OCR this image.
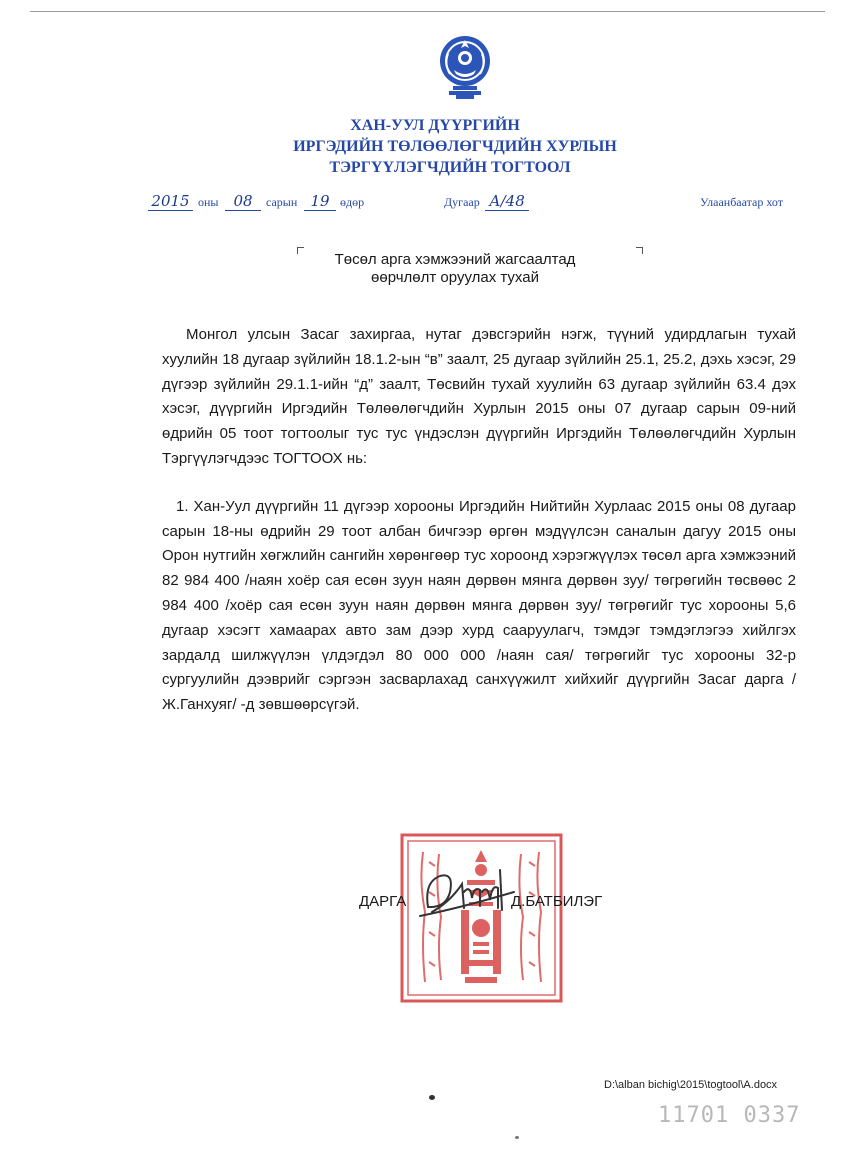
ХАН-УУЛ ДҮҮРГИЙН
ИРГЭДИЙН ТӨЛӨӨЛӨГЧДИЙН ХУРЛЫН
ТЭРГҮҮЛЭГЧДИЙН ТОГТООЛ
2015 оны 08	сарын 19 өдөр	Дугаар А/48	Улаанбаатар хот
Төсөл арга хэмжээний жагсаалтад
өөрчлөлт оруулах тухай

Монгол улсын Засаг захиргаа, нутаг дэвсгэрийн нэгж, түүний удирдлагын тухай хуулийн 18 дугаар зүйлийн 18.1.2-ын “в” заалт, 25 дугаар зүйлийн 25.1, 25.2, дэхь хэсэг, 29 дүгээр зүйлийн 29.1.1-ийн “д” заалт, Төсвийн тухай хуулийн 63 дугаар зүйлийн 63.4 дэх хэсэг, дүүргийн Иргэдийн Төлөөлөгчдийн Хурлын 2015 оны 07 дугаар сарын 09-ний өдрийн 05 тоот тогтоолыг тус тус үндэслэн дүүргийн Иргэдийн Төлөөлөгчдийн Хурлын Тэргүүлэгчдээс ТОГТООХ нь:

1. Хан-Уул дүүргийн 11 дүгээр хорооны Иргэдийн Нийтийн Хурлаас 2015 оны 08 дугаар сарын 18-ны өдрийн 29 тоот албан бичгээр өргөн мэдүүлсэн саналын дагуу 2015 оны Орон нутгийн хөгжлийн сангийн хөрөнгөөр тус хороонд хэрэгжүүлэх төсөл арга хэмжээний 82 984 400 /наян хоёр сая есөн зуун наян дөрвөн мянга дөрвөн зуу/ төгрөгийн төсвөөс 2 984 400 /хоёр сая есөн зуун наян дөрвөн мянга дөрвөн зуу/ төгрөгийг тус хорооны 5,6 дугаар хэсэгт хамаарах авто зам дээр хурд сааруулагч, тэмдэг тэмдэглэгээ хийлгэх зардалд шилжүүлэн үлдэгдэл 80 000 000 /наян сая/ төгрөгийг тус хорооны 32-р сургуулийн дээврийг сэргээн засварлахад санхүүжилт хийхийг дүүргийн Засаг дарга /Ж.Ганхуяг/ -д зөвшөөрсүгэй.

ДАРГА	Д.БАТБИЛЭГ
D:\alban bichig\2015\togtool\A.docx
11701 0337
